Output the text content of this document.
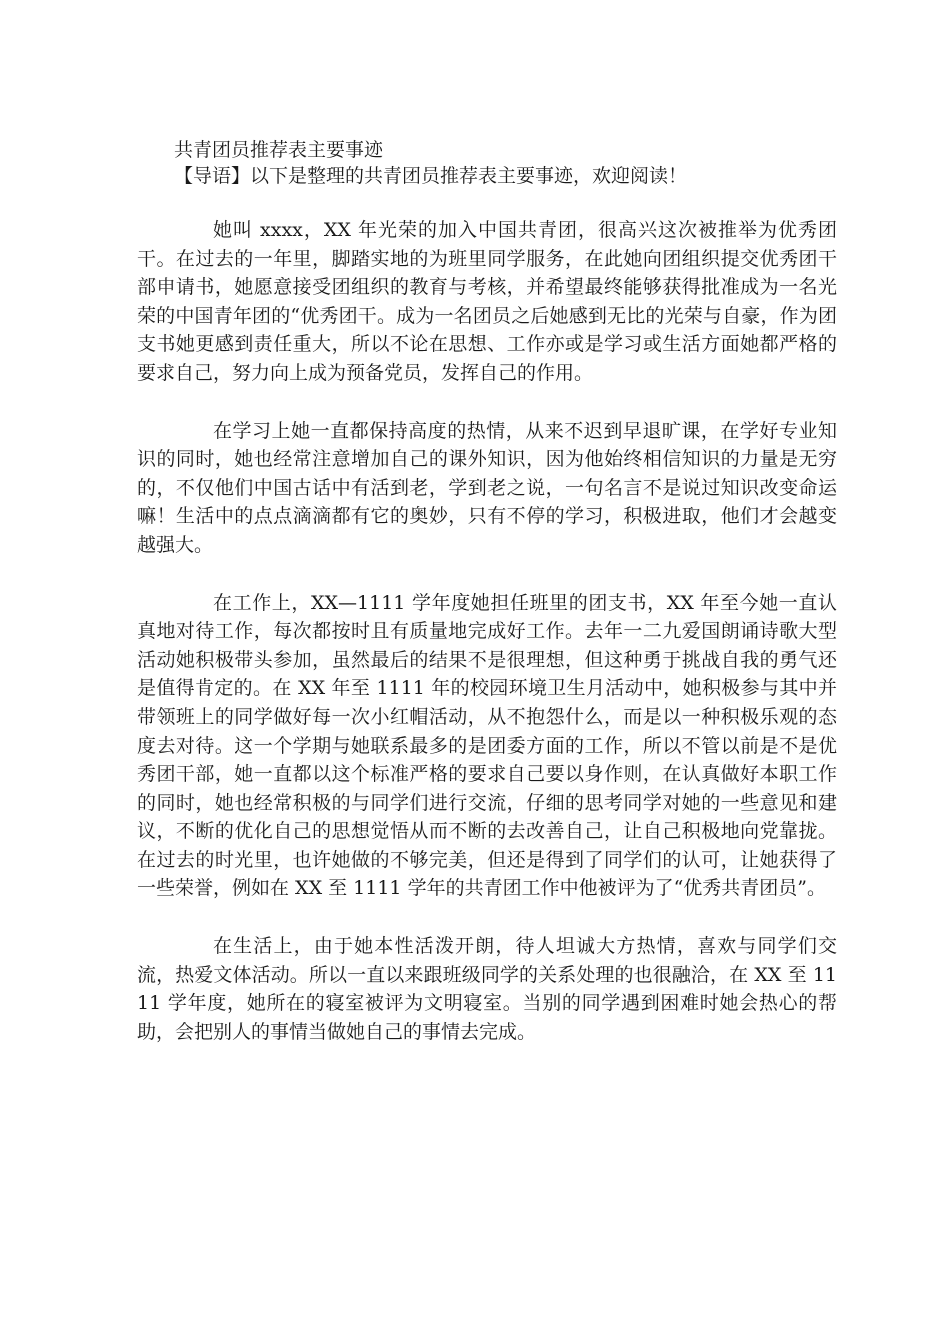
共青团员推荐表主要事迹

【导语】以下是整理的共青团员推荐表主要事迹，欢迎阅读！

她叫 xxxx，XX 年光荣的加入中国共青团，很高兴这次被推举为优秀团干。在过去的一年里，脚踏实地的为班里同学服务，在此她向团组织提交优秀团干部申请书，她愿意接受团组织的教育与考核，并希望最终能够获得批准成为一名光荣的中国青年团的“优秀团干。成为一名团员之后她感到无比的光荣与自豪，作为团支书她更感到责任重大，所以不论在思想、工作亦或是学习或生活方面她都严格的要求自己，努力向上成为预备党员，发挥自己的作用。

在学习上她一直都保持高度的热情，从来不迟到早退旷课，在学好专业知识的同时，她也经常注意增加自己的课外知识，因为他始终相信知识的力量是无穷的，不仅他们中国古话中有活到老，学到老之说，一句名言不是说过知识改变命运嘛！生活中的点点滴滴都有它的奥妙，只有不停的学习，积极进取，他们才会越变越强大。

在工作上，XX—1111 学年度她担任班里的团支书，XX 年至今她一直认真地对待工作，每次都按时且有质量地完成好工作。去年一二九爱国朗诵诗歌大型活动她积极带头参加，虽然最后的结果不是很理想，但这种勇于挑战自我的勇气还是值得肯定的。在 XX 年至 1111 年的校园环境卫生月活动中，她积极参与其中并带领班上的同学做好每一次小红帽活动，从不抱怨什么，而是以一种积极乐观的态度去对待。这一个学期与她联系最多的是团委方面的工作，所以不管以前是不是优秀团干部，她一直都以这个标准严格的要求自己要以身作则，在认真做好本职工作的同时，她也经常积极的与同学们进行交流，仔细的思考同学对她的一些意见和建议，不断的优化自己的思想觉悟从而不断的去改善自己，让自己积极地向党靠拢。在过去的时光里，也许她做的不够完美，但还是得到了同学们的认可，让她获得了一些荣誉，例如在 XX 至 1111 学年的共青团工作中他被评为了“优秀共青团员”。

在生活上，由于她本性活泼开朗，待人坦诚大方热情，喜欢与同学们交流，热爱文体活动。所以一直以来跟班级同学的关系处理的也很融洽，在 XX 至 1111 学年度，她所在的寝室被评为文明寝室。当别的同学遇到困难时她会热心的帮助，会把别人的事情当做她自己的事情去完成。
